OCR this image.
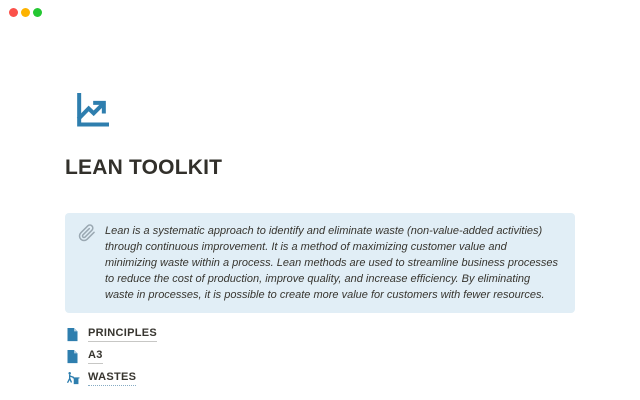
LEAN TOOLKIT

Lean is a systematic approach to identify and eliminate waste (non-value-added activities) through continuous improvement. It is a method of maximizing customer value and minimizing waste within a process. Lean methods are used to streamline business processes to reduce the cost of production, improve quality, and increase efficiency. By eliminating waste in processes, it is possible to create more value for customers with fewer resources.

PRINCIPLES
A3
WASTES
